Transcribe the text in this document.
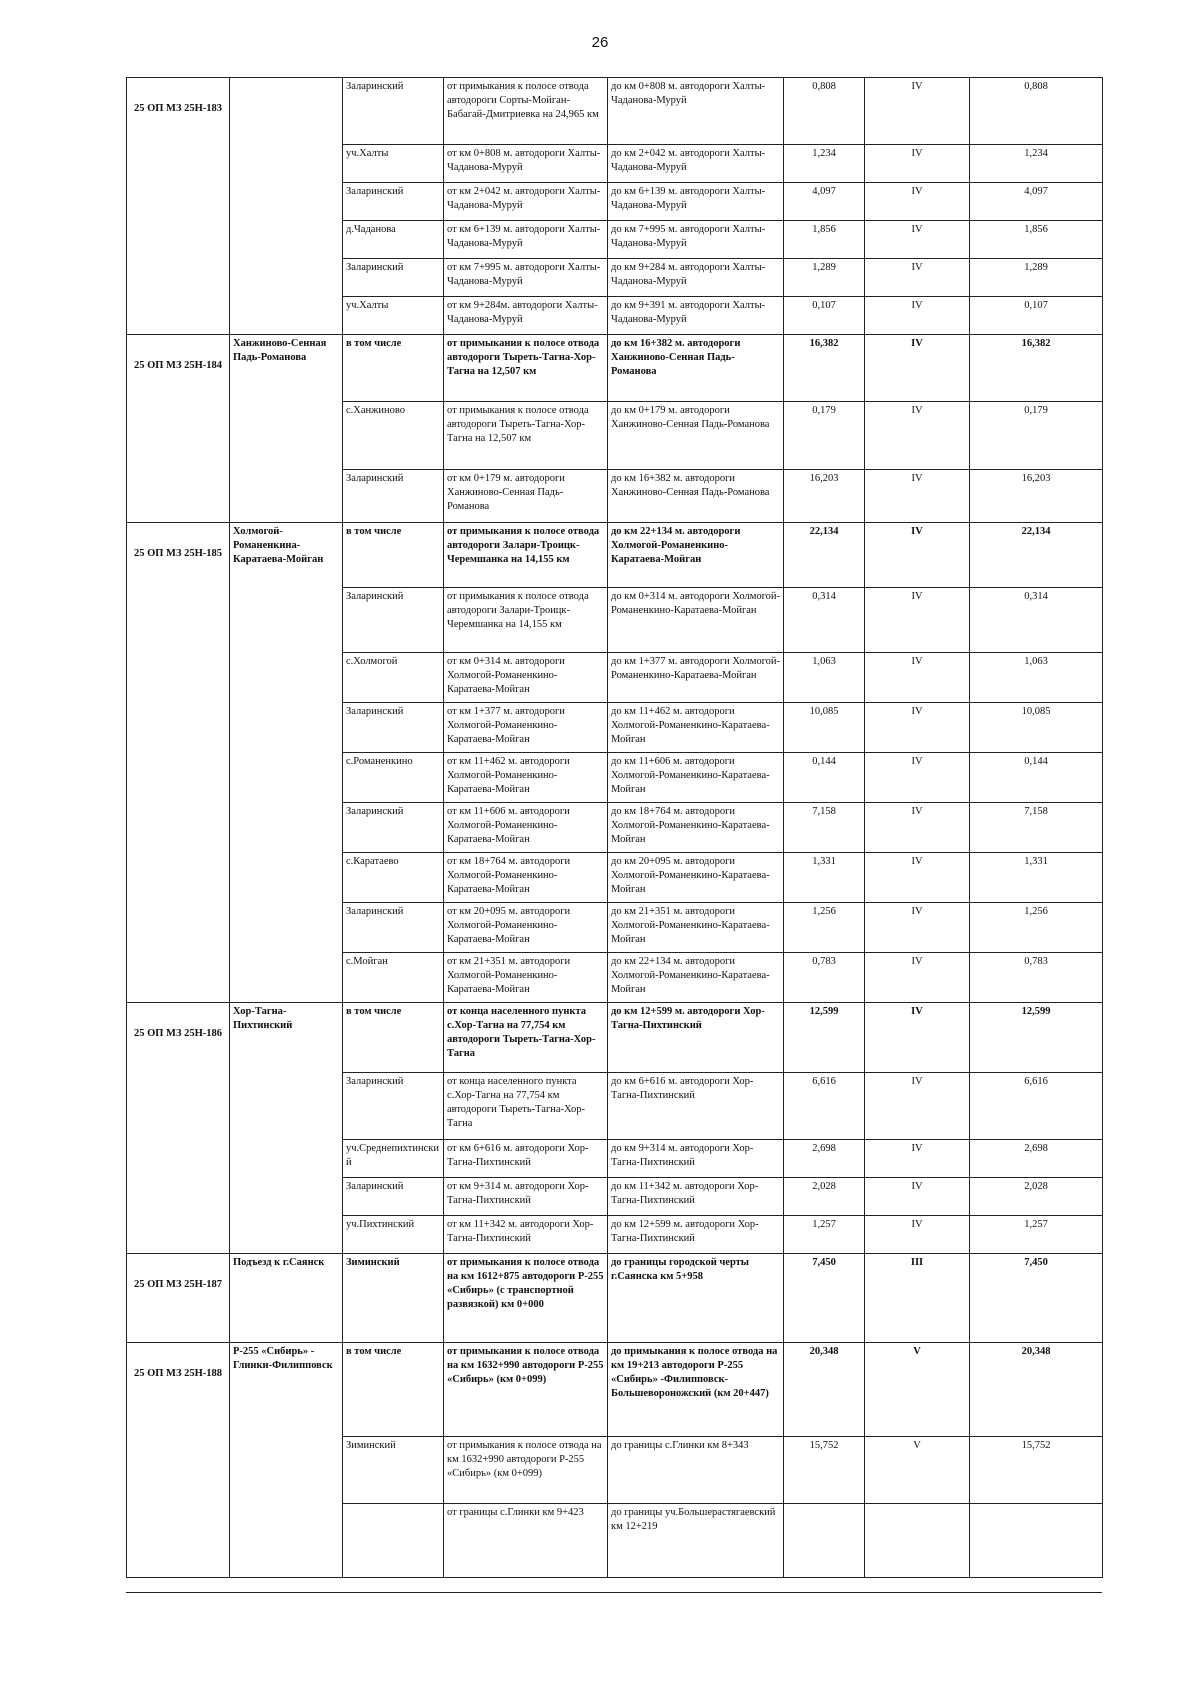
26
25 ОП МЗ 25Н-183		Заларинский	от примыкания к полосе отвода автодороги Сорты-Мойган-Бабагай-Дмитриевка на 24,965 км	до км 0+808 м. автодороги Халты-Чаданова-Муруй	0,808	IV	0,808
		уч.Халты	от км 0+808 м. автодороги Халты-Чаданова-Муруй	до км 2+042 м. автодороги Халты-Чаданова-Муруй	1,234	IV	1,234
		Заларинский	от км 2+042 м. автодороги Халты-Чаданова-Муруй	до км 6+139 м. автодороги Халты-Чаданова-Муруй	4,097	IV	4,097
		д.Чаданова	от км 6+139 м. автодороги Халты-Чаданова-Муруй	до км 7+995 м. автодороги Халты-Чаданова-Муруй	1,856	IV	1,856
		Заларинский	от км 7+995 м. автодороги Халты-Чаданова-Муруй	до км 9+284 м. автодороги Халты-Чаданова-Муруй	1,289	IV	1,289
		уч.Халты	от км 9+284м. автодороги Халты-Чаданова-Муруй	до км 9+391 м. автодороги Халты-Чаданова-Муруй	0,107	IV	0,107
25 ОП МЗ 25Н-184	Ханжиново-Сенная Падь-Романова	в том числе	от примыкания к полосе отвода автодороги Тыреть-Тагна-Хор-Тагна на 12,507 км	до км 16+382 м. автодороги Ханжиново-Сенная Падь-Романова	16,382	IV	16,382
		с.Ханжиново	от примыкания к полосе отвода автодороги Тыреть-Тагна-Хор-Тагна на 12,507 км	до км 0+179 м. автодороги Ханжиново-Сенная Падь-Романова	0,179	IV	0,179
		Заларинский	от км 0+179 м. автодороги Ханжиново-Сенная Падь-Романова	до км 16+382 м. автодороги Ханжиново-Сенная Падь-Романова	16,203	IV	16,203
25 ОП МЗ 25Н-185	Холмогой-Романенкина-Каратаева-Мойган	в том числе	от примыкания к полосе отвода автодороги Залари-Троицк-Черемшанка на 14,155 км	до км 22+134 м. автодороги Холмогой-Романенкино-Каратаева-Мойган	22,134	IV	22,134
		Заларинский	от примыкания к полосе отвода автодороги Залари-Троицк-Черемшанка на 14,155 км	до км 0+314 м. автодороги Холмогой-Романенкино-Каратаева-Мойган	0,314	IV	0,314
		с.Холмогой	от км 0+314 м. автодороги Холмогой-Романенкино-Каратаева-Мойган	до км 1+377 м. автодороги Холмогой-Романенкино-Каратаева-Мойган	1,063	IV	1,063
		Заларинский	от км 1+377 м. автодороги Холмогой-Романенкино-Каратаева-Мойган	до км 11+462 м. автодороги Холмогой-Романенкино-Каратаева-Мойган	10,085	IV	10,085
		с.Романенкино	от км 11+462 м. автодороги Холмогой-Романенкино-Каратаева-Мойган	до км 11+606 м. автодороги Холмогой-Романенкино-Каратаева-Мойган	0,144	IV	0,144
		Заларинский	от км 11+606 м. автодороги Холмогой-Романенкино-Каратаева-Мойган	до км 18+764 м. автодороги Холмогой-Романенкино-Каратаева-Мойган	7,158	IV	7,158
		с.Каратаево	от км 18+764 м. автодороги Холмогой-Романенкино-Каратаева-Мойган	до км 20+095 м. автодороги Холмогой-Романенкино-Каратаева-Мойган	1,331	IV	1,331
		Заларинский	от км 20+095 м. автодороги Холмогой-Романенкино-Каратаева-Мойган	до км 21+351 м. автодороги Холмогой-Романенкино-Каратаева-Мойган	1,256	IV	1,256
		с.Мойган	от км 21+351 м. автодороги Холмогой-Романенкино-Каратаева-Мойган	до км 22+134 м. автодороги Холмогой-Романенкино-Каратаева-Мойган	0,783	IV	0,783
25 ОП МЗ 25Н-186	Хор-Тагна-Пихтинский	в том числе	от конца населенного пункта с.Хор-Тагна на 77,754 км автодороги Тыреть-Тагна-Хор-Тагна	до км 12+599 м. автодороги Хор-Тагна-Пихтинский	12,599	IV	12,599
		Заларинский	от конца населенного пункта с.Хор-Тагна на 77,754 км автодороги Тыреть-Тагна-Хор-Тагна	до км 6+616 м. автодороги Хор-Тагна-Пихтинский	6,616	IV	6,616
		уч.Среднепихтинский	от км 6+616 м. автодороги Хор-Тагна-Пихтинский	до км 9+314 м. автодороги Хор-Тагна-Пихтинский	2,698	IV	2,698
		Заларинский	от км 9+314 м. автодороги Хор-Тагна-Пихтинский	до км 11+342 м. автодороги Хор-Тагна-Пихтинский	2,028	IV	2,028
		уч.Пихтинский	от км 11+342 м. автодороги Хор-Тагна-Пихтинский	до км 12+599 м. автодороги Хор-Тагна-Пихтинский	1,257	IV	1,257
25 ОП МЗ 25Н-187	Подъезд к г.Саянск	Зиминский	от примыкания к полосе отвода на км 1612+875 автодороги Р-255 «Сибирь» (с транспортной развязкой) км 0+000	до границы городской черты г.Саянска км 5+958	7,450	III	7,450
25 ОП МЗ 25Н-188	Р-255 «Сибирь» - Глинки-Филипповск	в том числе	от примыкания к полосе отвода на км 1632+990 автодороги Р-255 «Сибирь» (км 0+099)	до примыкания к полосе отвода на км 19+213 автодороги Р-255 «Сибирь» -Филипповск-Большевороножский (км 20+447)	20,348	V	20,348
		Зиминский	от примыкания к полосе отвода на км 1632+990 автодороги Р-255 «Сибирь» (км 0+099)	до границы с.Глинки км 8+343	15,752	V	15,752
			от границы с.Глинки км 9+423	до границы уч.Большерастягаевский км 12+219			
